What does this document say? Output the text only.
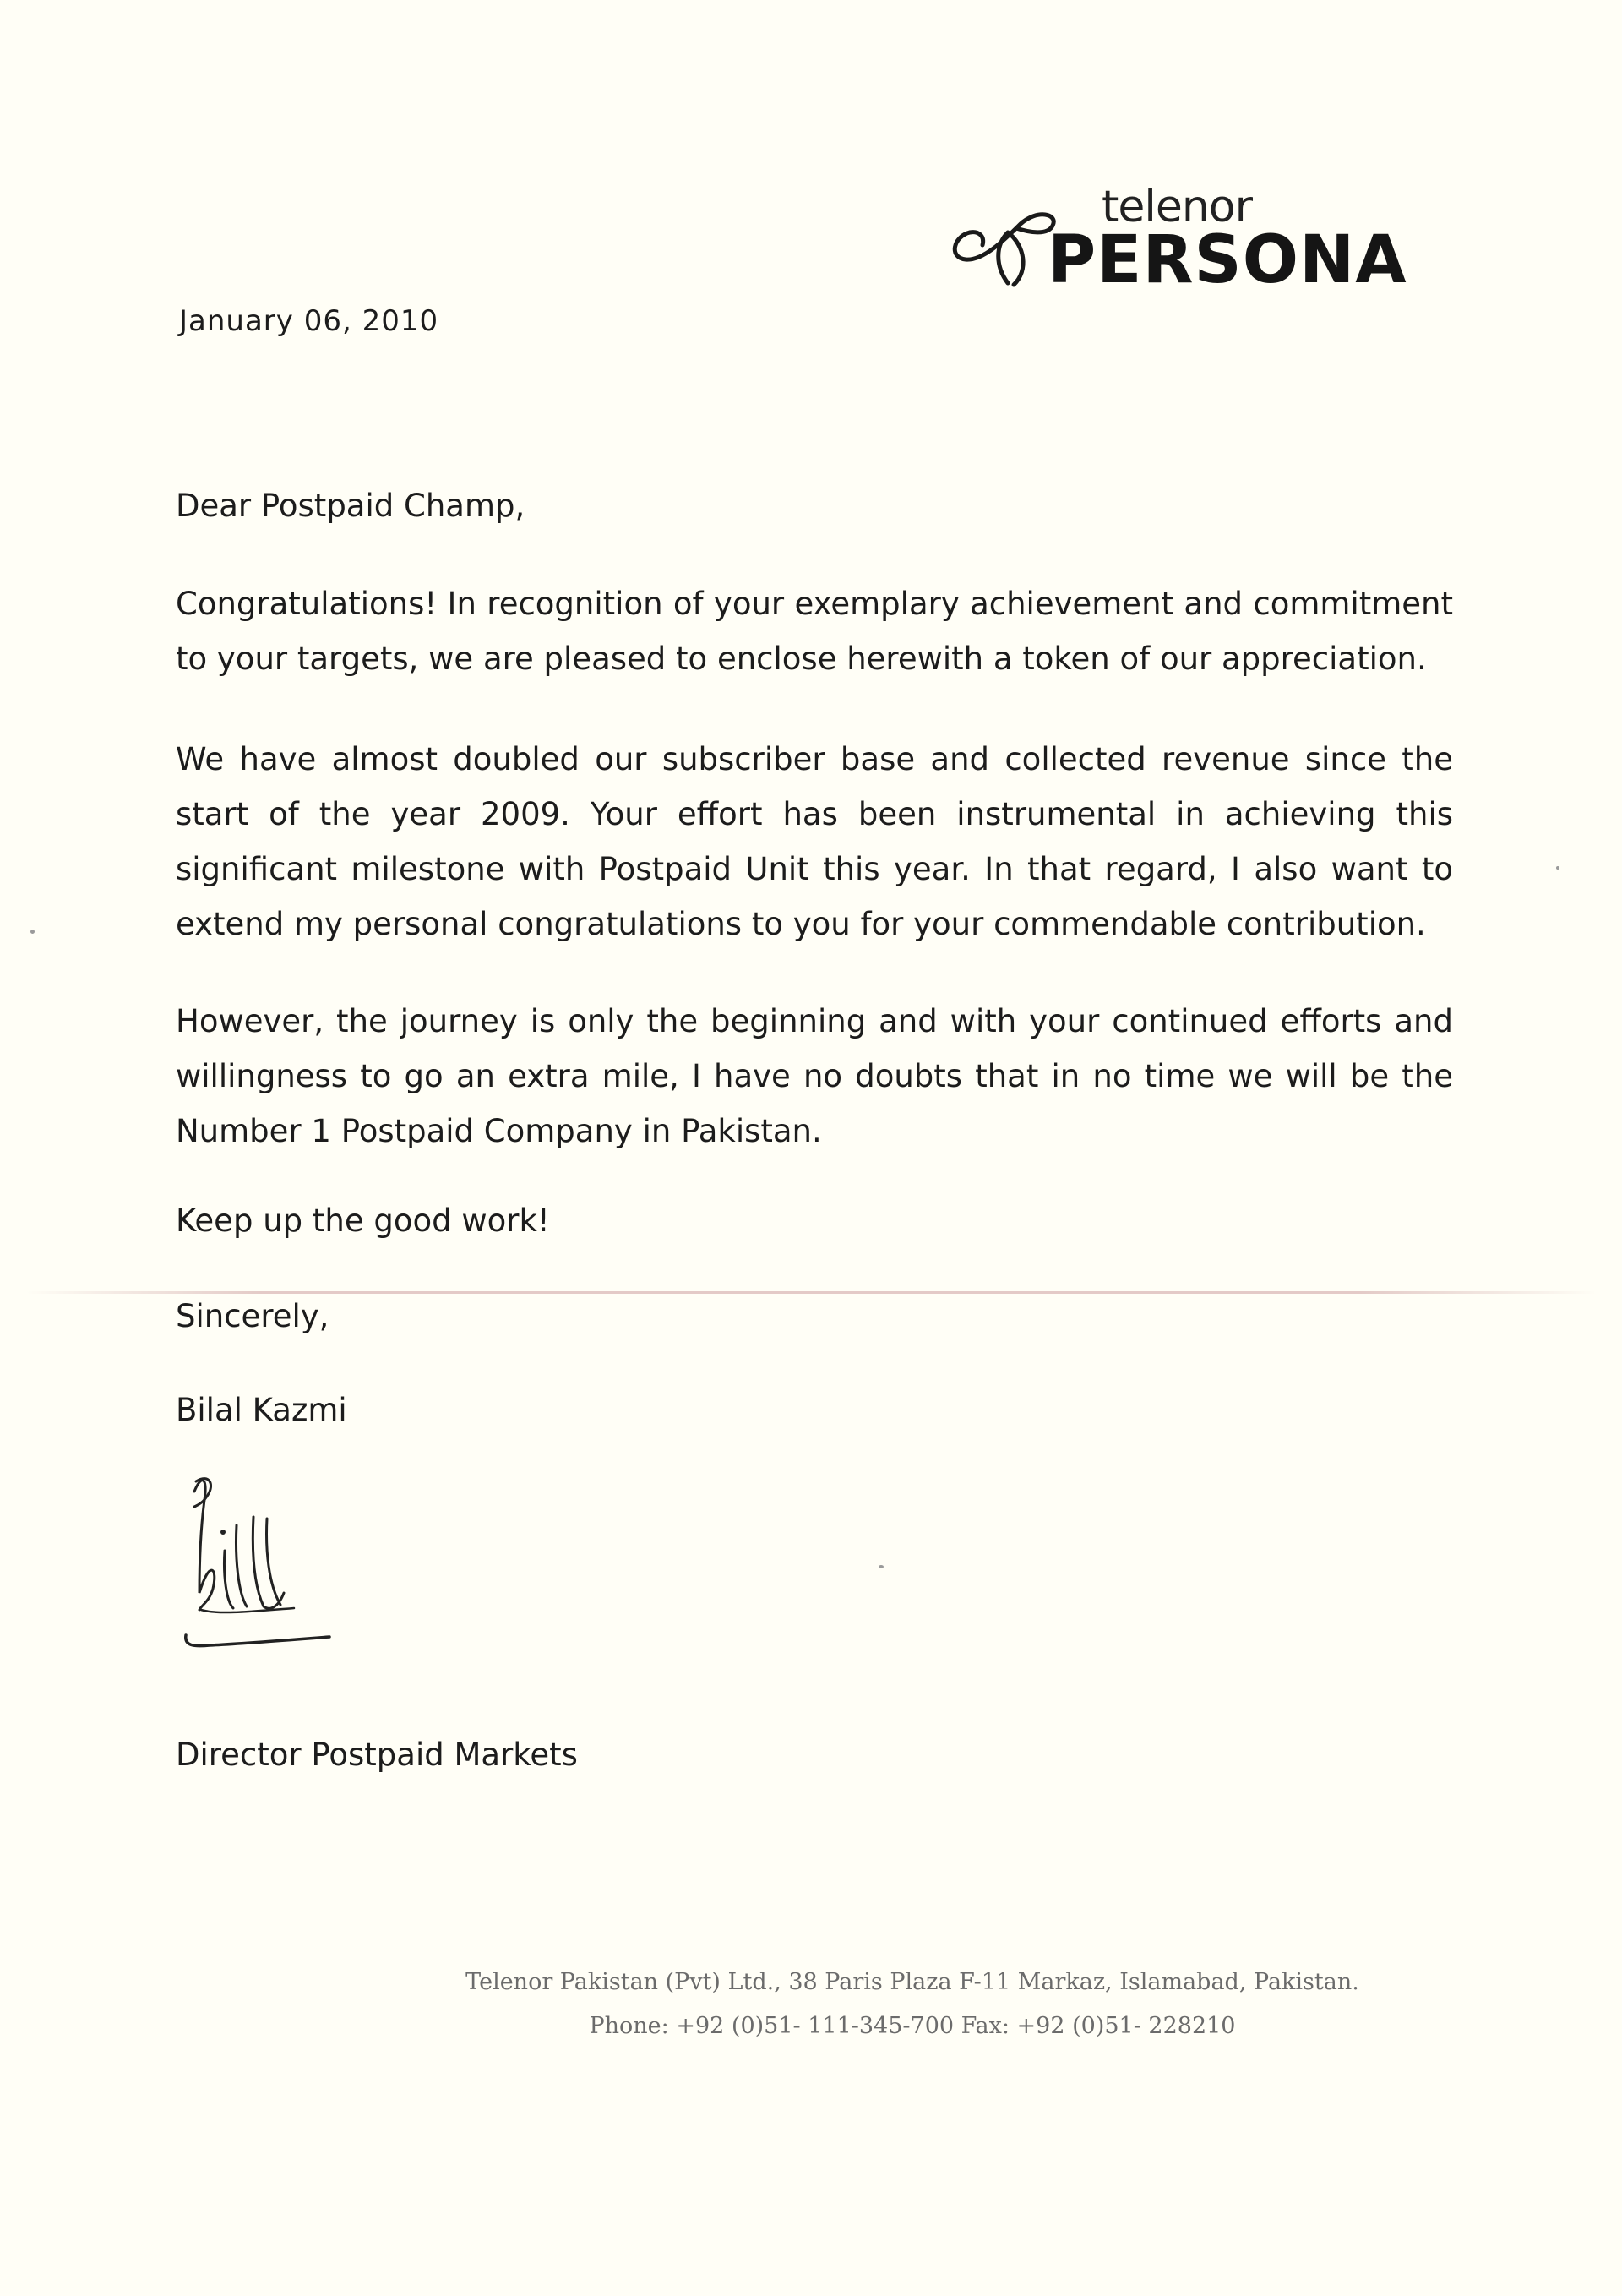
telenor
PERSONA
January 06, 2010
Dear Postpaid Champ,
Congratulations! In recognition of your exemplary achievement and commitment to your targets, we are pleased to enclose herewith a token of our appreciation.
We have almost doubled our subscriber base and collected revenue since the start of the year 2009. Your effort has been instrumental in achieving this significant milestone with Postpaid Unit this year. In that regard, I also want to extend my personal congratulations to you for your commendable contribution.
However, the journey is only the beginning and with your continued efforts and willingness to go an extra mile, I have no doubts that in no time we will be the Number 1 Postpaid Company in Pakistan.
Keep up the good work!
Sincerely,
Bilal Kazmi
Director Postpaid Markets
Telenor Pakistan (Pvt) Ltd., 38 Paris Plaza F-11 Markaz, Islamabad, Pakistan.
Phone: +92 (0)51- 111-345-700 Fax: +92 (0)51- 228210
